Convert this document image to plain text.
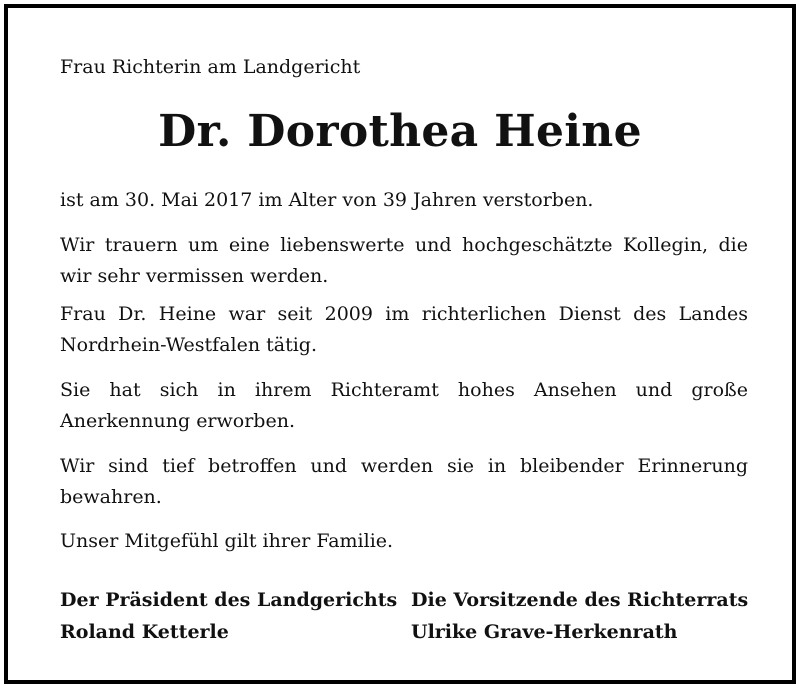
Frau Richterin am Landgericht
Dr. Dorothea Heine

ist am 30. Mai 2017 im Alter von 39 Jahren verstorben.

Wir trauern um eine liebenswerte und hochgeschätzte Kollegin, die wir sehr vermissen werden.

Frau Dr. Heine war seit 2009 im richterlichen Dienst des Landes Nordrhein-Westfalen tätig.

Sie hat sich in ihrem Richteramt hohes Ansehen und große Anerkennung erworben.

Wir sind tief betroffen und werden sie in bleibender Erinnerung bewahren.

Unser Mitgefühl gilt ihrer Familie.

Der Präsident des Landgerichts
Roland Ketterle
Die Vorsitzende des Richterrats
Ulrike Grave-Herkenrath
